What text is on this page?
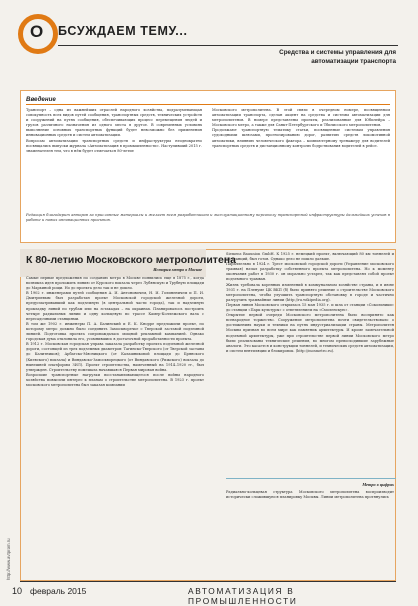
О БСУЖДАЕМ ТЕМУ...
Средства и системы управления для автоматизации транспорта
Введение
Транспорт – одна из важнейших отраслей народного хозяйства, подразумевающая совокупность всех видов путей сообщения, транспортных средств, технических устройств и сооружений на путях сообщения, обеспечивающих процесс перемещения людей и грузов различного назначения из одного места в другое. В современных условиях выполнение основных транспортных функций будет невозможно без применения инновационных средств и систем автоматизации.
Вопросам автоматизации транспортных средств и инфраструктуры неоднократно посвящались выпуски журнала «Автоматизация в промышленности». Наступивший 2015 г. знаменателен тем, что в нём будет отмечаться 80-летие
Московского метрополитена. В этой связи в очередном номере, посвященном автоматизации транспорта, сделан акцент на средства и системы автоматизации для метрополитенов. В номере представлены проекты, реализованные для Юбилейра – Московского метро, а также для Санкт-Петербургского и Тбилисского метрополитенов.
Продолжают транспортную тематику статьи, посвященные системам управления судоходными шлюзами, прогнозированию дорог, развитию средств локомотивной автоматики, влиянию человеческого фактора – компьютерному тренажеру для водителей транспортных средств и дистанционному контролю бодрствования водителей в рейсе.
Редакция благодарит авторов за присланные материалы и желает всем разработчикам и эксплуатационному персоналу транспортной инфраструктуры дальнейших успехов в работе и новых инновационных проектов.
К 80-летию Московского метрополитена
История метро в Москве
Самые первые предложения по созданию метро в Москве появились еще в 1875 г., когда возникла идея проложить линию от Курского вокзала через Лубянскую и Трубную площади до Марьиной рощи. Но до проекта дело так и не дошло.
В 1902 г. инженерами путей сообщения А. И. Антоновичем, Н. И. Голиненичем и П. И. Дмитриевым был разработан проект Московской городской железной дороги, предусматривавший как подземную (в центральной части города), так и надземную прокладку линий по трубам или на эстакадах – на окраинах. Планировалось построить четыре радиальных линии и одну кольцевую по трассе Камер-Коллежского вала с пересадочными станциями.
В том же 1902 г. инженеры П. А. Балинский и Е. К. Кнорре предложили проект, по которому метро должно было соединить Замоскворечье с Тверской заставой подземной линией. Подготовка проекта сопровождалась мощной рекламной кампанией. Однако городская дума отклонила его, усомнившись в достаточной проработанности проекта.
В 1912 г. Московская городская управа заказала разработку проекта подземной железной дороги, состоящей из трех подземных диаметров: Тагинско-Тверского (от Тверской заставы до Калитников); Арбатско-Мясницкого (от Калашниковой площади до Брянского (Киевского) вокзала) и Виндавско-Замоскворецкого (от Виндавского (Рижского) вокзала до нынешней платформы ЗИЛ). Проект строительства, намеченный на 1914–1920 гг., был утвержден. Строительству помешала начавшаяся Первая мировая война.
Возросшие транспортные нагрузки восстанавливающегося после войны народного хозяйства повысили интерес к планам о строительстве метрополитена. В 1923 г. проект московского метрополитена был заказан компании
Siemens Bauunion GmbH. К 1925 г. немецкий проект, включающий 80 км тоннелей и 86 станций, был готов. Однако дело не пошло дальше.
Параллельно в 1924 г. Трест московской городской дороги (Управление московского трамвая) начал разработку собственного проекта метрополитена. Но к моменту окончания работ в 1930 г. он морально устарел, так как представлял собой проект подземного трамвая.
Жизнь требовала коренных изменений в коммунальном хозяйстве страны, и в июне 1931 г. на Пленуме ЦК ВКП (б) было принято решение о строительстве Московского метрополитена, чтобы улучшить транспортную обстановку в городе и частично разгрузить трамвайные линии (http://ru.wikipedia.org).
Первая линия Московского открылась 15 мая 1935 г. и шла от станции «Сокольники» до станции «Парк культуры» с ответвлением на «Смоленскую».
Открытие первой очереди Московского метрополитена было воспринято как всенародное торжество. Сооружение метрополитена почти свидетельствовало о достижениях науки и техники на путях индустриализации страны. Метрополитен Москвы признан во всем мире как памятник архитектуры. И кроме замечательной подземной архитектуры, уже при строительстве первой линии Московского метро были реализованы технические решения, во многом превосходившие зарубежные аналоги. Это касается и конструкции тоннелей, и технических средств автоматизации, и систем вентиляции и блокировок. (http://mosmetro.ru).
Метро в цифрах
Радиально-кольцевая структура Московского метрополитена воспроизводит исторически сложившуюся планировку Москвы. Линии метрополитена протянулись
http://www.avtprom.ru
10 февраль 2015	АВТОМАТИЗАЦИЯ В ПРОМЫШЛЕННОСТИ
